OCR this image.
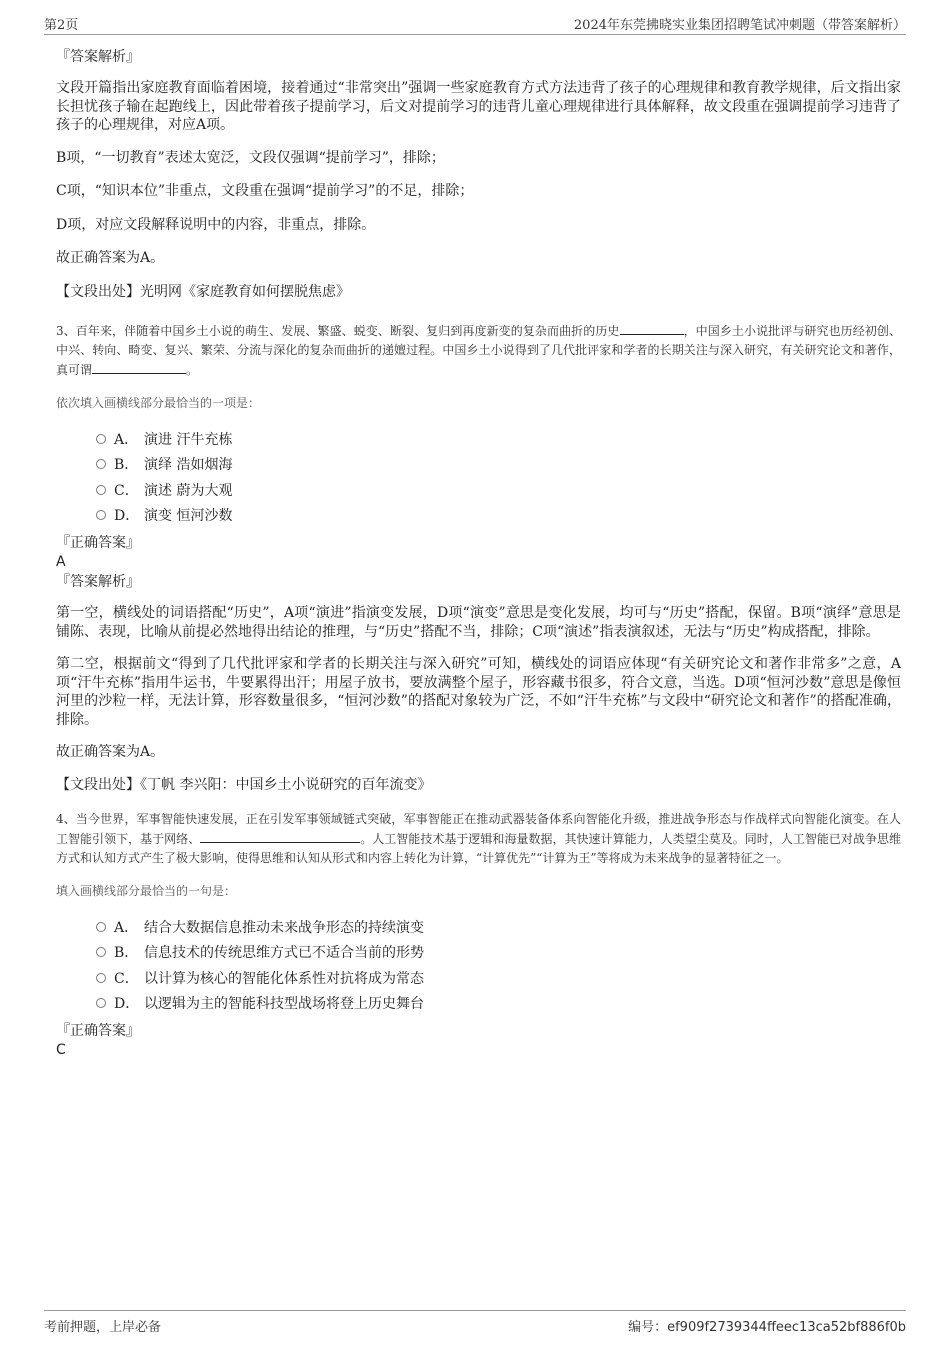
第2页	2024年东莞拂晓实业集团招聘笔试冲刺题（带答案解析）

『答案解析』

文段开篇指出家庭教育面临着困境，接着通过“非常突出”强调一些家庭教育方式方法违背了孩子的心理规律和教育教学规律，后文指出家长担忧孩子输在起跑线上，因此带着孩子提前学习，后文对提前学习的违背儿童心理规律进行具体解释，故文段重在强调提前学习违背了孩子的心理规律，对应A项。

B项，“一切教育”表述太宽泛，文段仅强调“提前学习”，排除；

C项，“知识本位”非重点，文段重在强调“提前学习”的不足，排除；

D项，对应文段解释说明中的内容，非重点，排除。

故正确答案为A。

【文段出处】光明网《家庭教育如何摆脱焦虑》

3、百年来，伴随着中国乡土小说的萌生、发展、繁盛、蜕变、断裂、复归到再度新变的复杂而曲折的历史	，中国乡土小说批评与研究也历经初创、中兴、转向、畸变、复兴、繁荣、分流与深化的复杂而曲折的递嬗过程。中国乡土小说得到了几代批评家和学者的长期关注与深入研究，有关研究论文和著作，真可谓	。

依次填入画横线部分最恰当的一项是：

A． 演进 汗牛充栋
B． 演绎 浩如烟海
C． 演述 蔚为大观
D． 演变 恒河沙数

『正确答案』

A

『答案解析』

第一空，横线处的词语搭配“历史”，A项“演进”指演变发展，D项“演变”意思是变化发展，均可与“历史”搭配，保留。B项“演绎”意思是铺陈、表现，比喻从前提必然地得出结论的推理，与“历史”搭配不当，排除；C项“演述”指表演叙述，无法与“历史”构成搭配，排除。

第二空，根据前文“得到了几代批评家和学者的长期关注与深入研究”可知，横线处的词语应体现“有关研究论文和著作非常多”之意，A项“汗牛充栋”指用牛运书，牛要累得出汗；用屋子放书，要放满整个屋子，形容藏书很多，符合文意，当选。D项“恒河沙数”意思是像恒河里的沙粒一样，无法计算，形容数量很多，“恒河沙数”的搭配对象较为广泛，不如“汗牛充栋”与文段中“研究论文和著作”的搭配准确，排除。

故正确答案为A。

【文段出处】《丁帆 李兴阳：中国乡土小说研究的百年流变》

4、当今世界，军事智能快速发展，正在引发军事领域链式突破，军事智能正在推动武器装备体系向智能化升级，推进战争形态与作战样式向智能化演变。在人工智能引领下，基于网络、	。人工智能技术基于逻辑和海量数据，其快速计算能力，人类望尘莫及。同时，人工智能已对战争思维方式和认知方式产生了极大影响，使得思维和认知从形式和内容上转化为计算，“计算优先”“计算为王”等将成为未来战争的显著特征之一。

填入画横线部分最恰当的一句是：

A． 结合大数据信息推动未来战争形态的持续演变
B． 信息技术的传统思维方式已不适合当前的形势
C． 以计算为核心的智能化体系性对抗将成为常态
D． 以逻辑为主的智能科技型战场将登上历史舞台

『正确答案』

C

考前押题，上岸必备	编号：ef909f2739344ffeec13ca52bf886f0b
